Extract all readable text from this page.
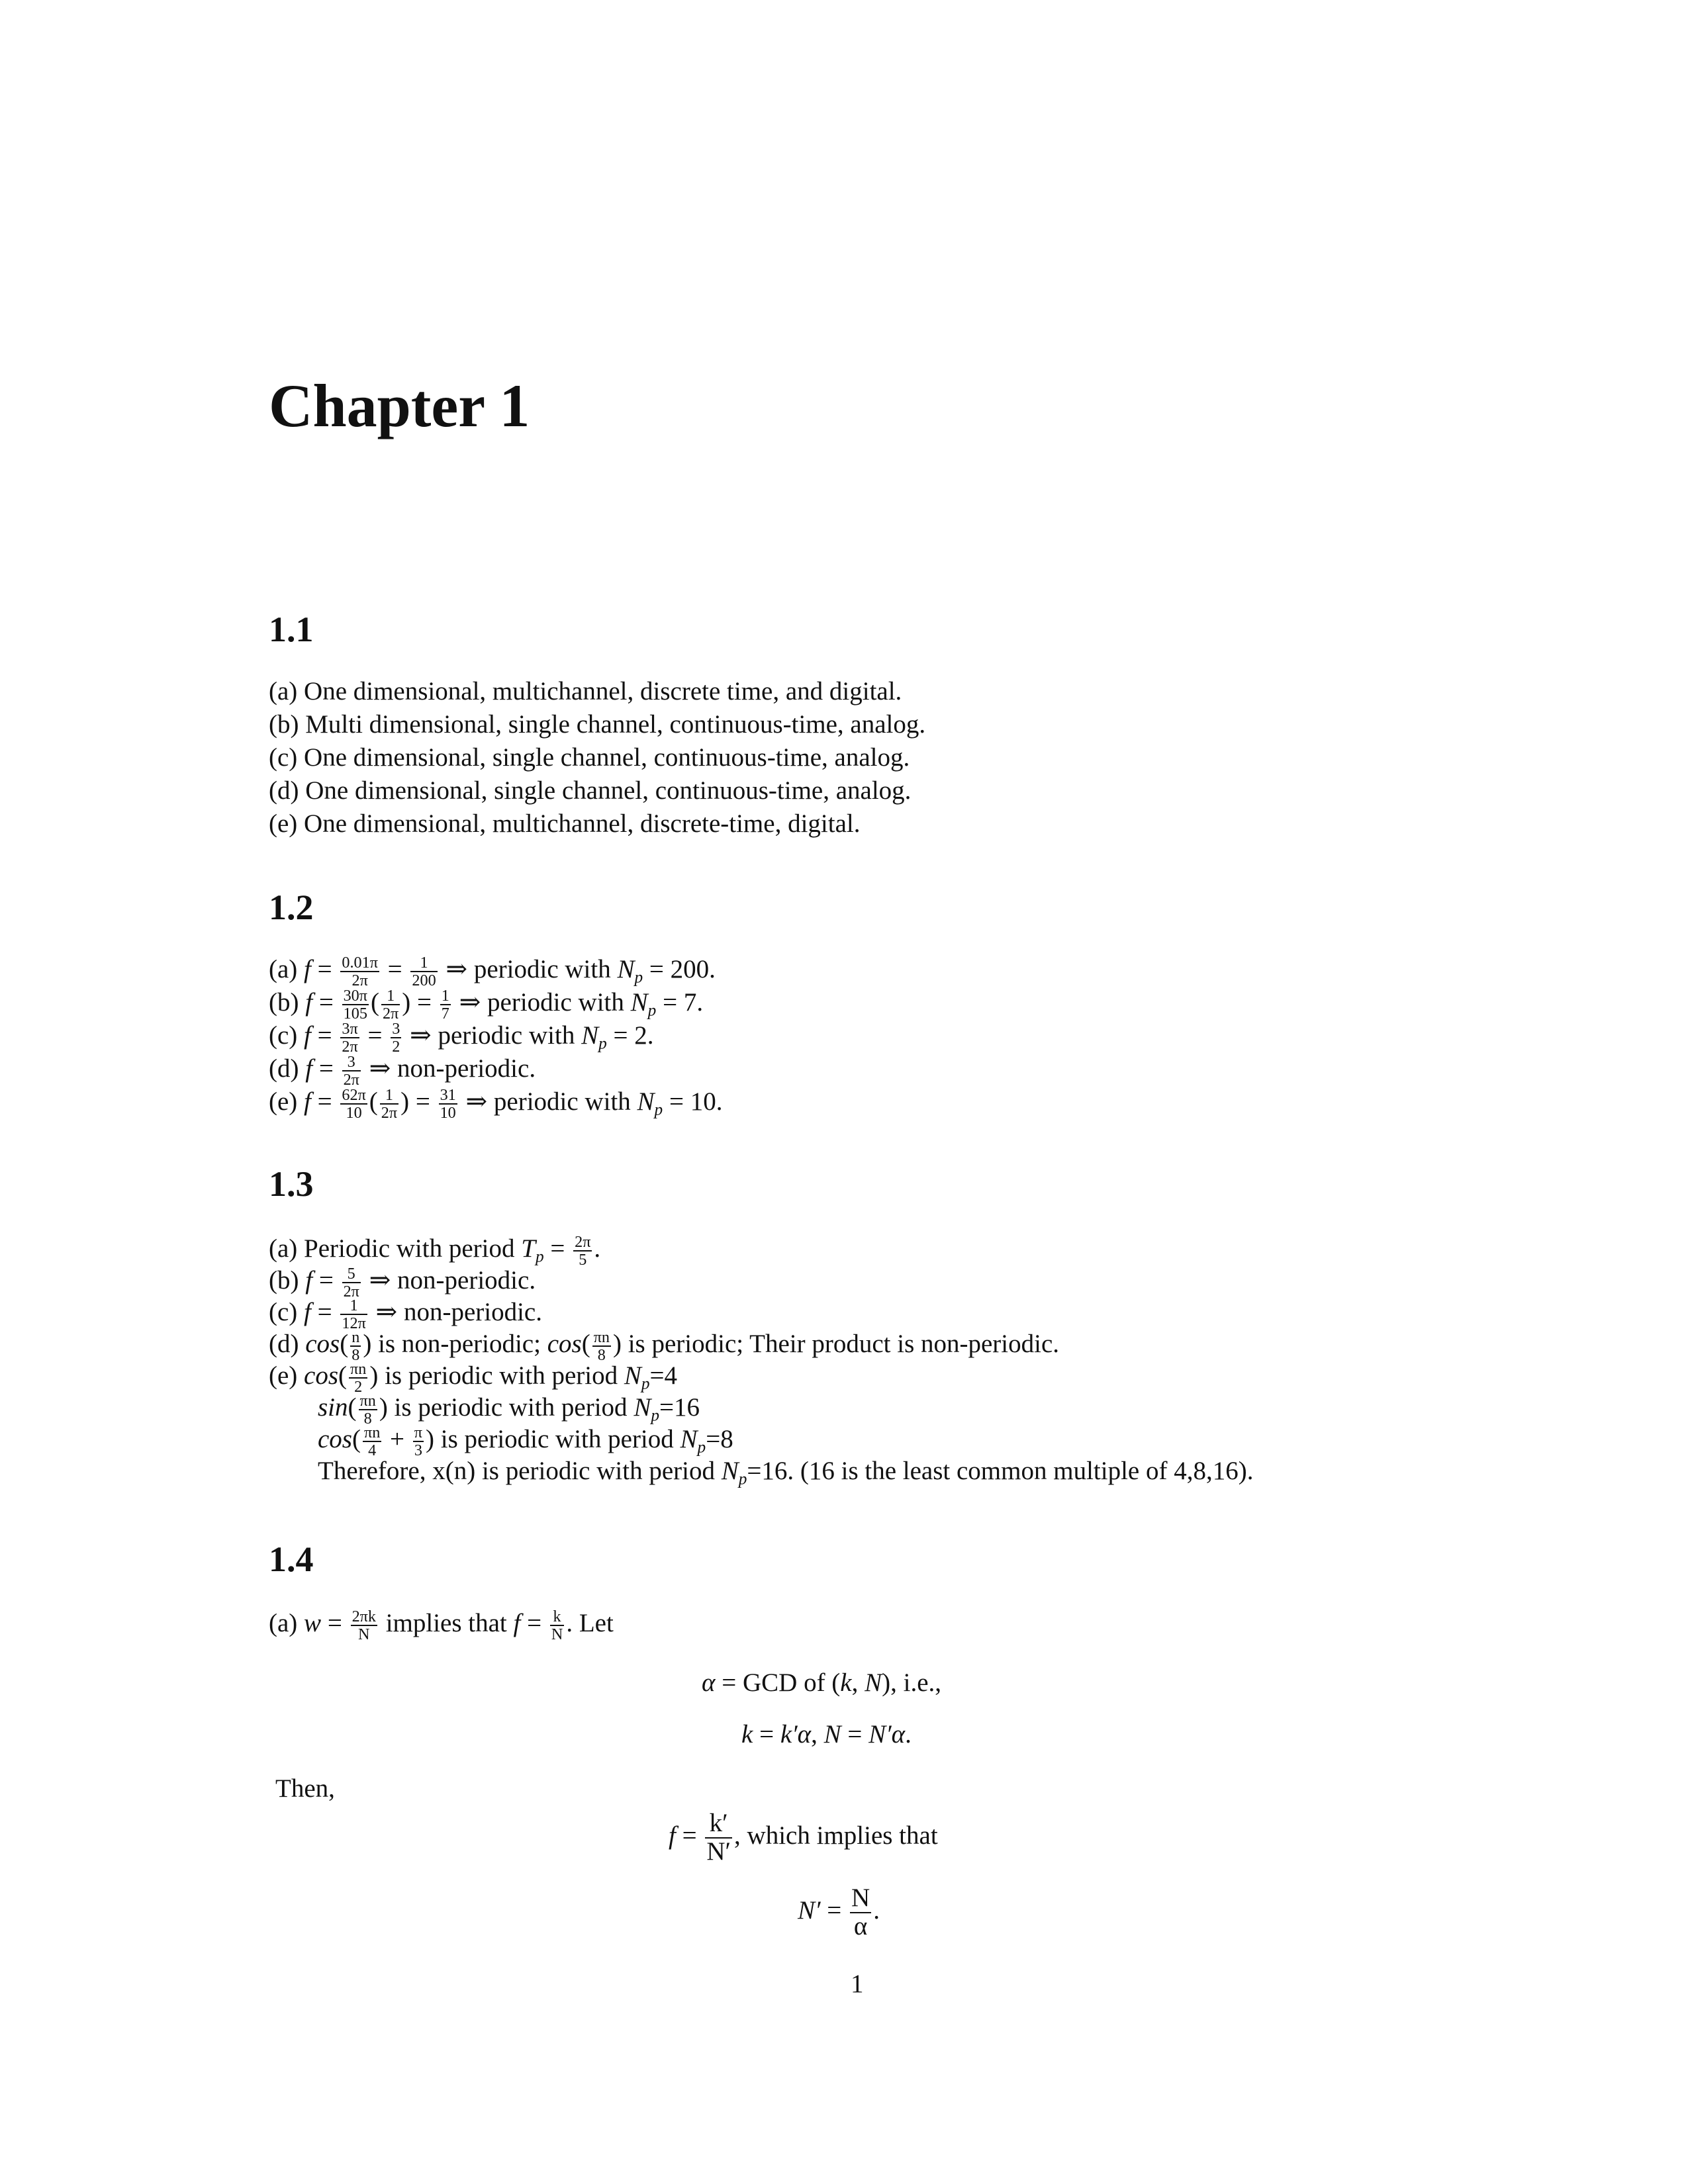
Chapter 1
1.1
1.2
1.3
1.4
(a) One dimensional, multichannel, discrete time, and digital.
(b) Multi dimensional, single channel, continuous-time, analog.
(c) One dimensional, single channel, continuous-time, analog.
(d) One dimensional, single channel, continuous-time, analog.
(e) One dimensional, multichannel, discrete-time, digital.
(a) $f = \frac{0.01\pi}{2\pi} = \frac{1}{200}$ ⇒ periodic with $N_p = 200$.
(b) $f = \frac{30\pi}{105}$ ( $\frac{1}{2\pi}$ ) = $\frac{1}{7}$ ⇒ periodic with $N_p = 7$.
(c) $f = \frac{3\pi}{2\pi} = \frac{3}{2}$ ⇒ periodic with $N_p = 2$.
(d) $f = \frac{3}{2\pi}$ ⇒ non-periodic.
(e) $f = \frac{62\pi}{10}$ ( $\frac{1}{2\pi}$ ) = $\frac{31}{10}$ ⇒ periodic with $N_p = 10$.
(a) Periodic with period $T_p = \frac{2\pi}{5}$ .
(b) $f = \frac{5}{2\pi}$ ⇒ non-periodic.
(c) $f = \frac{1}{12\pi}$ ⇒ non-periodic.
(d) $\cos( \frac{n}{8}$ ) is non-periodic; $\cos( \frac{\pi n}{8}$ ) is periodic; Their product is non-periodic.
(e) $\cos( \frac{\pi n}{2}$ ) is periodic with period $N_p=4$
$\sin( \frac{\pi n}{8}$ ) is periodic with period $N_p=16$
$\cos( \frac{\pi n}{4} + \frac{\pi}{3}$ ) is periodic with period $N_p=8$
Therefore, x(n) is periodic with period $N_p=16$. (16 is the least common multiple of 4,8,16).
(a) $w = \frac{2\pi k}{N}$ implies that $f = \frac{k}{N}$ . Let
α = GCD of (k, N), i.e.,
k = k′α, N = N′α.
$f = \frac{k'}{N'}$ , which implies that
$N' = \frac{N}{\alpha}$ .
Then,
1
